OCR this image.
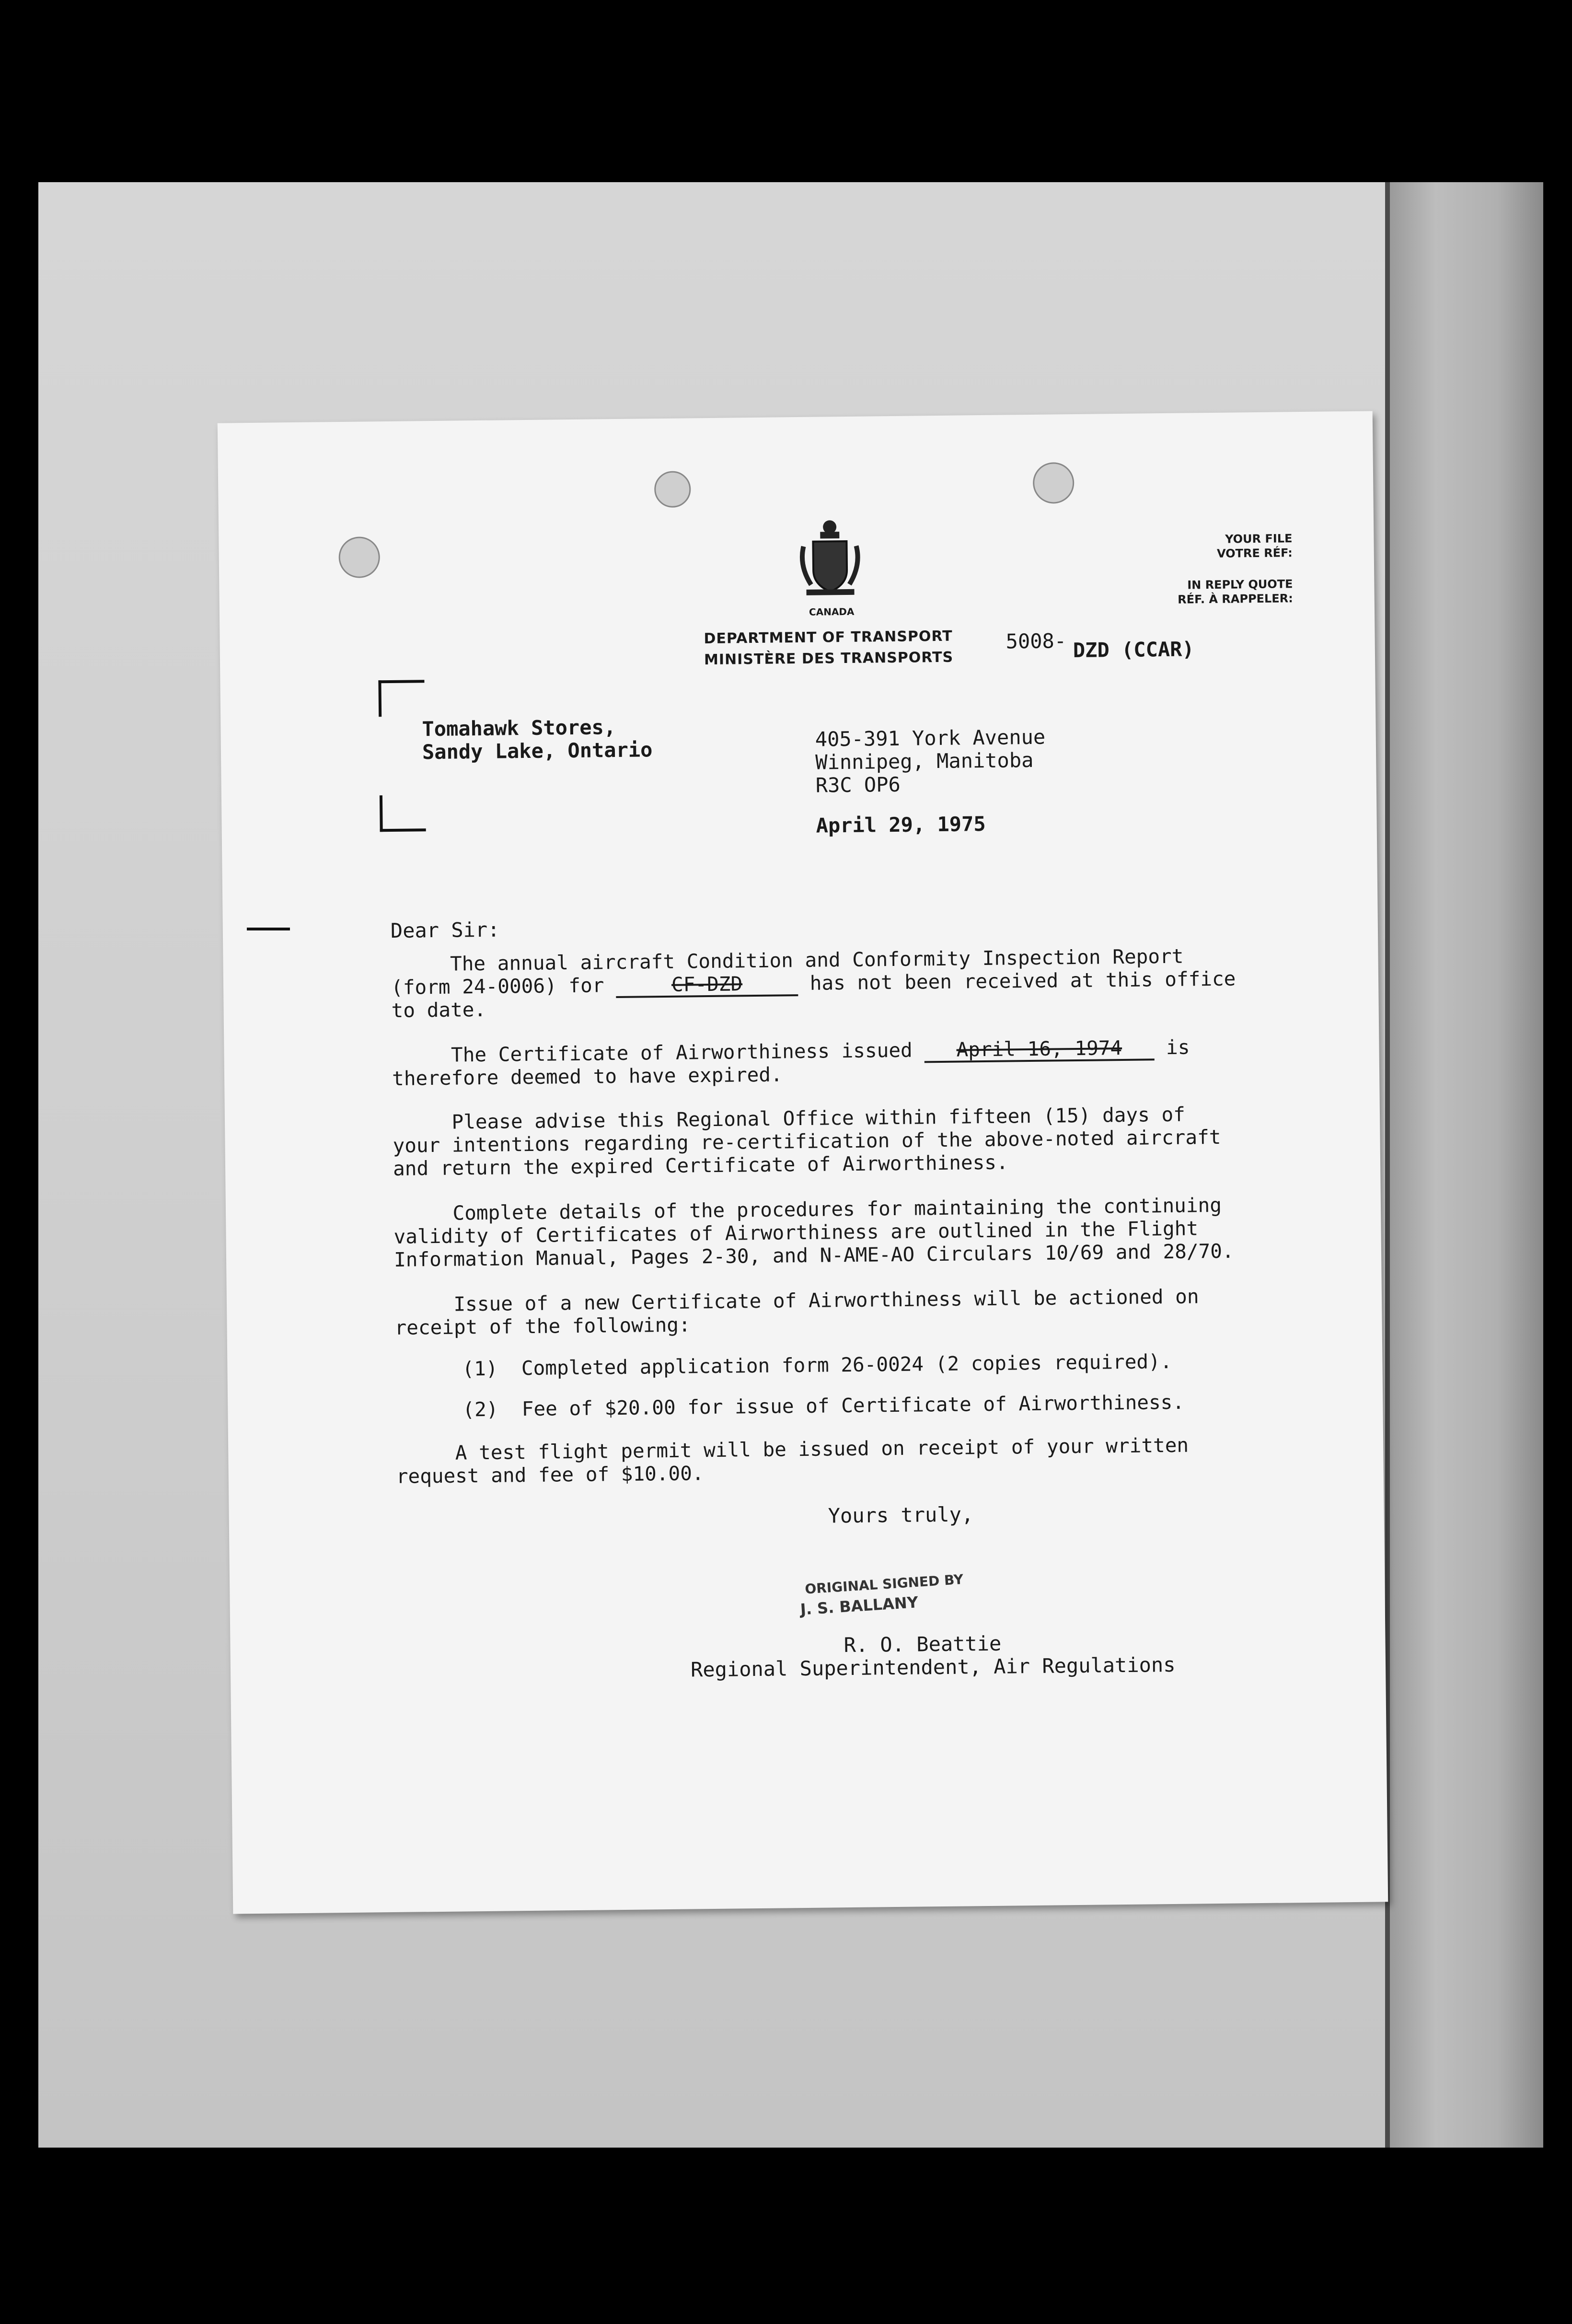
CANADA
DEPARTMENT OF TRANSPORT
MINISTÈRE DES TRANSPORTS
YOUR FILE
VOTRE RÉF:
IN REPLY QUOTE
RÉF. À RAPPELER:
5008- DZD (CCAR)
Tomahawk Stores,
Sandy Lake, Ontario	405-391 York Avenue
Winnipeg, Manitoba
R3C OP6
April 29, 1975
Dear Sir:
The annual aircraft Condition and Conformity Inspection Report
(form 24-0006) for	CF-DZD	has not been received at this office
to date.
The Certificate of Airworthiness issued April 16, 1974 is
therefore deemed to have expired.
Please advise this Regional Office within fifteen (15) days of
your intentions regarding re-certification of the above-noted aircraft
and return the expired Certificate of Airworthiness.
Complete details of the procedures for maintaining the continuing
validity of Certificates of Airworthiness are outlined in the Flight
Information Manual, Pages 2-30, and N-AME-AO Circulars 10/69 and 28/70.
Issue of a new Certificate of Airworthiness will be actioned on
receipt of the following:
(1)  Completed application form 26-0024 (2 copies required).
(2)  Fee of $20.00 for issue of Certificate of Airworthiness.
A test flight permit will be issued on receipt of your written
request and fee of $10.00.
Yours truly,
ORIGINAL SIGNED BY
J. S. BALLANY
R. O. Beattie
Regional Superintendent, Air Regulations
